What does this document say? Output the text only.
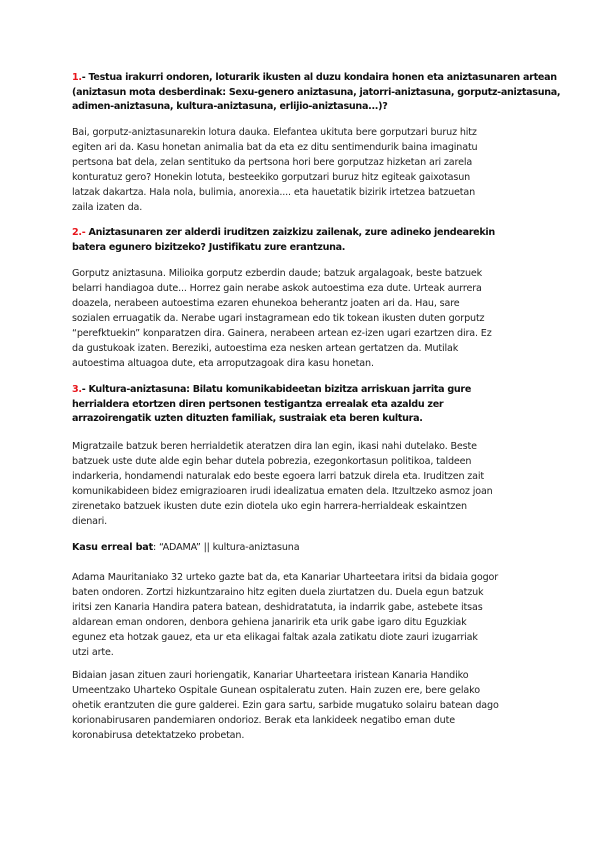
1.- Testua irakurri ondoren, loturarik ikusten al duzu kondaira honen eta aniztasunaren artean
(aniztasun mota desberdinak: Sexu-genero aniztasuna, jatorri-aniztasuna, gorputz-aniztasuna,
adimen-aniztasuna, kultura-aniztasuna, erlijio-aniztasuna...)?
Bai, gorputz-aniztasunarekin lotura dauka. Elefantea ukituta bere gorputzari buruz hitz
egiten ari da. Kasu honetan animalia bat da eta ez ditu sentimendurik baina imaginatu
pertsona bat dela, zelan sentituko da pertsona hori bere gorputzaz hizketan ari zarela
konturatuz gero? Honekin lotuta, besteekiko gorputzari buruz hitz egiteak gaixotasun
latzak dakartza. Hala nola, bulimia, anorexia.... eta hauetatik bizirik irtetzea batzuetan
zaila izaten da.
2.- Aniztasunaren zer alderdi iruditzen zaizkizu zailenak, zure adineko jendearekin
batera egunero bizitzeko? Justifikatu zure erantzuna.
Gorputz aniztasuna. Milioika gorputz ezberdin daude; batzuk argalagoak, beste batzuek
belarri handiagoa dute... Horrez gain nerabe askok autoestima eza dute. Urteak aurrera
doazela, nerabeen autoestima ezaren ehunekoa beherantz joaten ari da. Hau, sare
sozialen erruagatik da. Nerabe ugari instagramean edo tik tokean ikusten duten gorputz
“perefktuekin” konparatzen dira. Gainera, nerabeen artean ez-izen ugari ezartzen dira. Ez
da gustukoak izaten. Bereziki, autoestima eza nesken artean gertatzen da. Mutilak
autoestima altuagoa dute, eta arroputzagoak dira kasu honetan.
3.- Kultura-aniztasuna: Bilatu komunikabideetan bizitza arriskuan jarrita gure
herrialdera etortzen diren pertsonen testigantza errealak eta azaldu zer
arrazoirengatik uzten dituzten familiak, sustraiak eta beren kultura.
Migratzaile batzuk beren herrialdetik ateratzen dira lan egin, ikasi nahi dutelako. Beste
batzuek uste dute alde egin behar dutela pobrezia, ezegonkortasun politikoa, taldeen
indarkeria, hondamendi naturalak edo beste egoera larri batzuk direla eta. Iruditzen zait
komunikabideen bidez emigrazioaren irudi idealizatua ematen dela. Itzultzeko asmoz joan
zirenetako batzuek ikusten dute ezin diotela uko egin harrera-herrialdeak eskaintzen
dienari.
Kasu erreal bat: “ADAMA” || kultura-aniztasuna
Adama Mauritaniako 32 urteko gazte bat da, eta Kanariar Uharteetara iritsi da bidaia gogor
baten ondoren. Zortzi hizkuntzaraino hitz egiten duela ziurtatzen du. Duela egun batzuk
iritsi zen Kanaria Handira patera batean, deshidratatuta, ia indarrik gabe, astebete itsas
aldarean eman ondoren, denbora gehiena janaririk eta urik gabe igaro ditu Eguzkiak
egunez eta hotzak gauez, eta ur eta elikagai faltak azala zatikatu diote zauri izugarriak
utzi arte.
Bidaian jasan zituen zauri horiengatik, Kanariar Uharteetara iristean Kanaria Handiko
Umeentzako Uharteko Ospitale Gunean ospitaleratu zuten. Hain zuzen ere, bere gelako
ohetik erantzuten die gure galderei. Ezin gara sartu, sarbide mugatuko solairu batean dago
korionabirusaren pandemiaren ondorioz. Berak eta lankideek negatibo eman dute
koronabirusa detektatzeko probetan.
